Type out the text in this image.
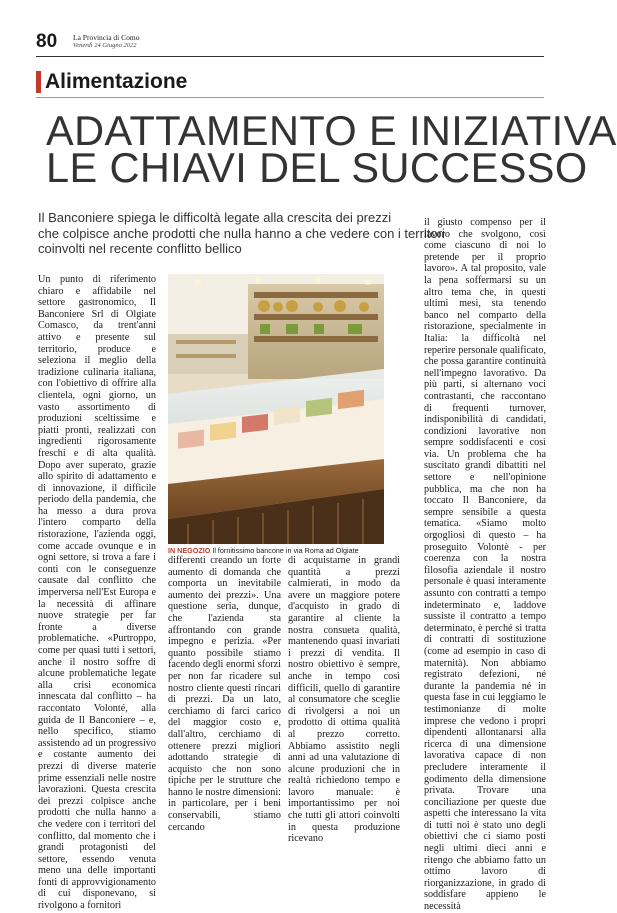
80 La Provincia di Como
Venerdì 24 Giugno 2022
Alimentazione
ADATTAMENTO E INIZIATIVA
LE CHIAVI DEL SUCCESSO
Il Banconiere spiega le difficoltà legate alla crescita dei prezzi
che colpisce anche prodotti che nulla hanno a che vedere con i territori
coinvolti nel recente conflitto bellico
Un punto di riferimento chiaro e affidabile nel settore gastronomico, Il Banconiere Srl di Olgiate Comasco, da trent'anni attivo e presente sul territorio, produce e seleziona il meglio della tradizione culinaria italiana, con l'obiettivo di offrire alla clientela, ogni giorno, un vasto assortimento di produzioni sceltissime e piatti pronti, realizzati con ingredienti rigorosamente freschi e di alta qualità. Dopo aver superato, grazie allo spirito di adattamento e di innovazione, il difficile periodo della pandemia, che ha messo a dura prova l'intero comparto della ristorazione, l'azienda oggi, come accade ovunque e in ogni settore, si trova a fare i conti con le conseguenze causate dal conflitto che imperversa nell'Est Europa e la necessità di affinare nuove strategie per far fronte a diverse problematiche. «Purtroppo, come per quasi tutti i settori, anche il nostro soffre di alcune problematiche legate alla crisi economica innescata dal conflitto – ha raccontato Volonté, alla guida de Il Banconiere – e, nello specifico, stiamo assistendo ad un progressivo e costante aumento dei prezzi di diverse materie prime essenziali nelle nostre lavorazioni. Questa crescita dei prezzi colpisce anche prodotti che nulla hanno a che vedere con i territori del conflitto, dal momento che i grandi protagonisti del settore, essendo venuta meno una delle importanti fonti di approvvigionamento di cui disponevano, si rivolgono a fornitori
IN NEGOZIO Il fornitissimo bancone in via Roma ad Olgiate
differenti creando un forte aumento di domanda che comporta un inevitabile aumento dei prezzi». Una questione seria, dunque, che l'azienda sta affrontando con grande impegno e perizia. «Per quanto possibile stiamo facendo degli enormi sforzi per non far ricadere sul nostro cliente questi rincari di prezzi. Da un lato, cerchiamo di farci carico del maggior costo e, dall'altro, cerchiamo di ottenere prezzi migliori adottando strategie di acquisto che non sono tipiche per le strutture che hanno le nostre dimensioni: in particolare, per i beni conservabili, stiamo cercando
di acquistarne in grandi quantità a prezzi calmierati, in modo da avere un maggiore potere d'acquisto in grado di garantire al cliente la nostra consueta qualità, mantenendo quasi invariati i prezzi di vendita. Il nostro obiettivo è sempre, anche in tempo così difficili, quello di garantire al consumatore che sceglie di rivolgersi a noi un prodotto di ottima qualità al prezzo corretto. Abbiamo assistito negli anni ad una valutazione di alcune produzioni che in realtà richiedono tempo e lavoro manuale: è importantissimo per noi che tutti gli attori coinvolti in questa produzione ricevano
il giusto compenso per il lavoro che svolgono, così come ciascuno di noi lo pretende per il proprio lavoro». A tal proposito, vale la pena soffermarsi su un altro tema che, in questi ultimi mesi, sta tenendo banco nel comparto della ristorazione, specialmente in Italia: la difficoltà nel reperire personale qualificato, che possa garantire continuità nell'impegno lavorativo. Da più parti, si alternano voci contrastanti, che raccontano di frequenti turnover, indisponibilità di candidati, condizioni lavorative non sempre soddisfacenti e così via. Un problema che ha suscitato grandi dibattiti nel settore e nell'opinione pubblica, ma che non ha toccato Il Banconiere, da sempre sensibile a questa tematica. «Siamo molto orgogliosi di questo – ha proseguito Volontè - per coerenza con la nostra filosofia aziendale il nostro personale è quasi interamente assunto con contratti a tempo indeterminato e, laddove sussiste il contratto a tempo determinato, è perché si tratta di contratti di sostituzione (come ad esempio in caso di maternità). Non abbiamo registrato defezioni, né durante la pandemia né in questa fase in cui leggiamo le testimonianze di molte imprese che vedono i propri dipendenti allontanarsi alla ricerca di una dimensione lavorativa capace di non precludere interamente il godimento della dimensione privata. Trovare una conciliazione per queste due aspetti che interessano la vita di tutti noi è stato uno degli obiettivi che ci siamo posti negli ultimi dieci anni e ritengo che abbiamo fatto un ottimo lavoro di riorganizzazione, in grado di soddisfare appieno le necessità
